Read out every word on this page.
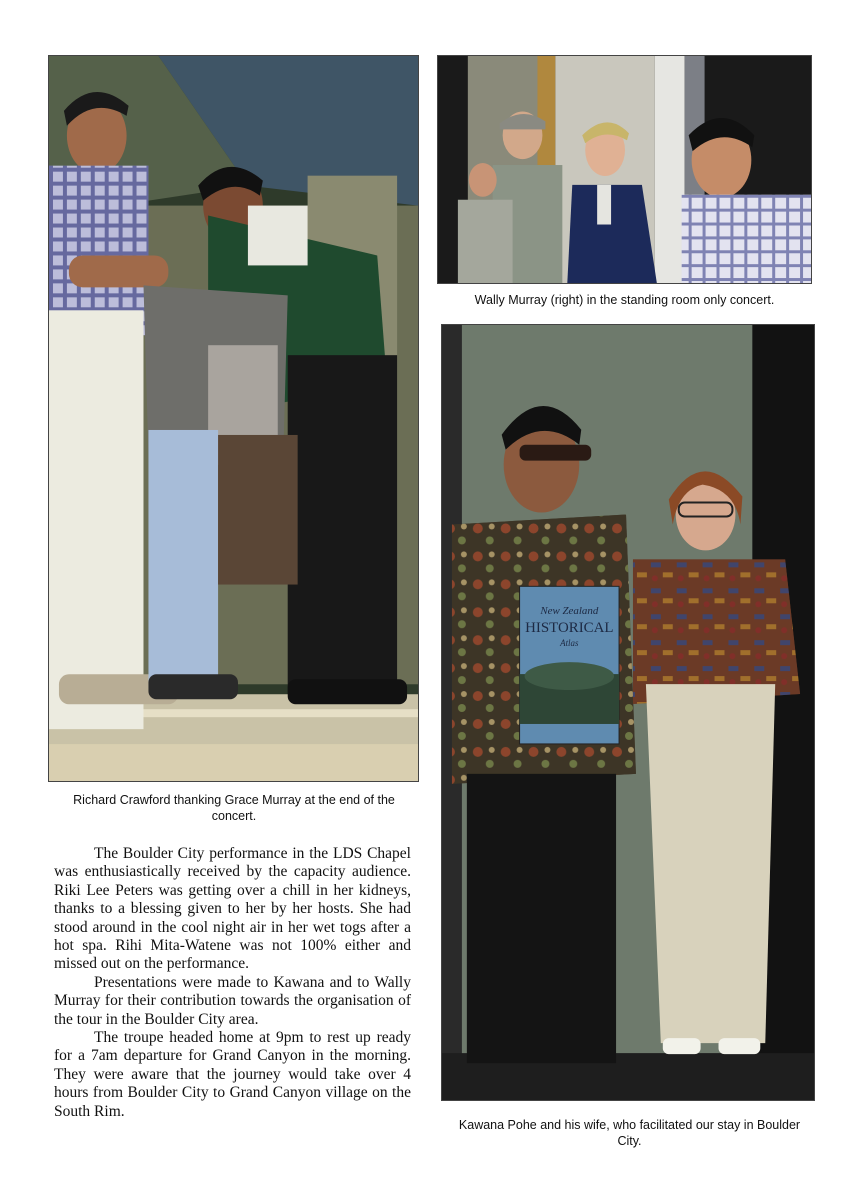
Richard Crawford thanking Grace Murray at the end of the concert.
Wally Murray (right) in the standing room only concert.
New Zealand
HISTORICAL
Atlas
Kawana Pohe and his wife, who facilitated our stay in Boulder City.

The Boulder City performance in the LDS Chapel was enthusiastically received by the capacity audience. Riki Lee Peters was getting over a chill in her kidneys, thanks to a blessing given to her by her hosts. She had stood around in the cool night air in her wet togs after a hot spa. Rihi Mita-Watene was not 100% either and missed out on the performance.

Presentations were made to Kawana and to Wally Murray for their contribution towards the organisation of the tour in the Boulder City area.

The troupe headed home at 9pm to rest up ready for a 7am departure for Grand Canyon in the morning. They were aware that the journey would take over 4 hours from Boulder City to Grand Canyon village on the South Rim.
